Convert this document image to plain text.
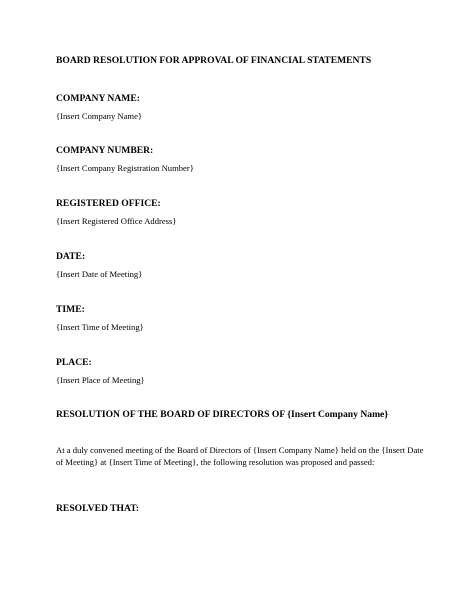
BOARD RESOLUTION FOR APPROVAL OF FINANCIAL STATEMENTS
COMPANY NAME:
{Insert Company Name}
COMPANY NUMBER:
{Insert Company Registration Number}
REGISTERED OFFICE:
{Insert Registered Office Address}
DATE:
{Insert Date of Meeting}
TIME:
{Insert Time of Meeting}
PLACE:
{Insert Place of Meeting}
RESOLUTION OF THE BOARD OF DIRECTORS OF {Insert Company Name}
At a duly convened meeting of the Board of Directors of {Insert Company Name} held on the {Insert Date of Meeting} at {Insert Time of Meeting}, the following resolution was proposed and passed:
RESOLVED THAT:
